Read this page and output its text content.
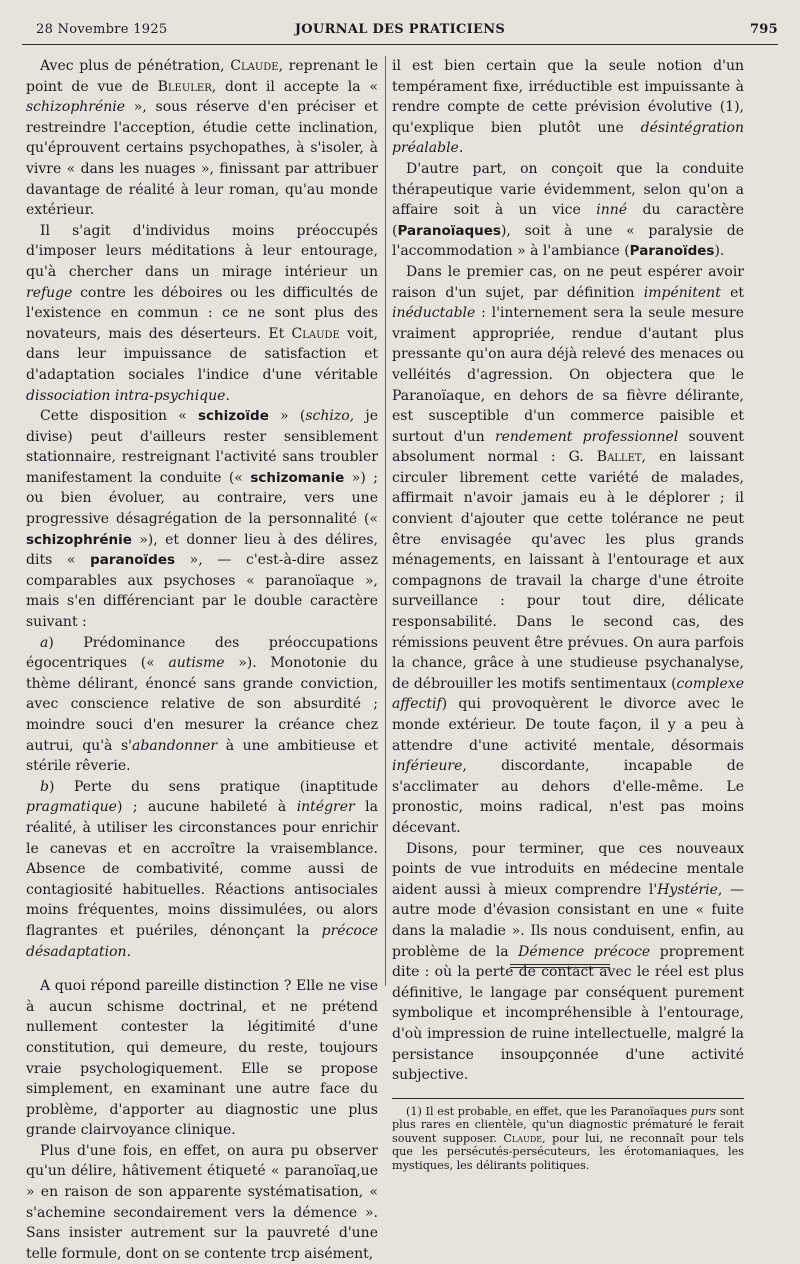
28 Novembre 1925	JOURNAL DES PRATICIENS	795

Avec plus de pénétration, Claude, reprenant le point de vue de Bleuler, dont il accepte la « schizophrénie », sous réserve d'en préciser et restreindre l'acception, étudie cette inclination, qu'éprouvent certains psychopathes, à s'isoler, à vivre « dans les nuages », finissant par attribuer davantage de réalité à leur roman, qu'au monde extérieur.

Il s'agit d'individus moins préoccupés d'imposer leurs méditations à leur entourage, qu'à chercher dans un mirage intérieur un refuge contre les déboires ou les difficultés de l'existence en commun : ce ne sont plus des novateurs, mais des déserteurs. Et Claude voit, dans leur impuissance de satisfaction et d'adaptation sociales l'indice d'une véritable dissociation intra-psychique.

Cette disposition « schizoïde » (schizo, je divise) peut d'ailleurs rester sensiblement stationnaire, restreignant l'activité sans troubler manifestament la conduite (« schizomanie ») ; ou bien évoluer, au contraire, vers une progressive désagrégation de la personnalité (« schizophrénie »), et donner lieu à des délires, dits « paranoïdes », — c'est-à-dire assez comparables aux psychoses « paranoïaque », mais s'en différenciant par le double caractère suivant :

a) Prédominance des préoccupations égocentriques (« autisme »). Monotonie du thème délirant, énoncé sans grande conviction, avec conscience relative de son absurdité ; moindre souci d'en mesurer la créance chez autrui, qu'à s'abandonner à une ambitieuse et stérile rêverie.

b) Perte du sens pratique (inaptitude pragmatique) ; aucune habileté à intégrer la réalité, à utiliser les circonstances pour enrichir le canevas et en accroître la vraisemblance. Absence de combativité, comme aussi de contagiosité habituelles. Réactions antisociales moins fréquentes, moins dissimulées, ou alors flagrantes et puériles, dénonçant la précoce désadaptation.

A quoi répond pareille distinction ? Elle ne vise à aucun schisme doctrinal, et ne prétend nullement contester la légitimité d'une constitution, qui demeure, du reste, toujours vraie psychologiquement. Elle se propose simplement, en examinant une autre face du problème, d'apporter au diagnostic une plus grande clairvoyance clinique.

Plus d'une fois, en effet, on aura pu observer qu'un délire, hâtivement étiqueté « paranoïaq,ue » en raison de son apparente systématisation, « s'achemine secondairement vers la démence ». Sans insister autrement sur la pauvreté d'une telle formule, dont on se contente trcp aisément,

il est bien certain que la seule notion d'un tempérament fixe, irréductible est impuissante à rendre compte de cette prévision évolutive (1), qu'explique bien plutôt une désintégration préalable.

D'autre part, on conçoit que la conduite thérapeutique varie évidemment, selon qu'on a affaire soit à un vice inné du caractère (Paranoïaques), soit à une « paralysie de l'accommodation » à l'ambiance (Paranoïdes).

Dans le premier cas, on ne peut espérer avoir raison d'un sujet, par définition impénitent et inéductable : l'internement sera la seule mesure vraiment appropriée, rendue d'autant plus pressante qu'on aura déjà relevé des menaces ou velléités d'agression. On objectera que le Paranoïaque, en dehors de sa fièvre délirante, est susceptible d'un commerce paisible et surtout d'un rendement professionnel souvent absolument normal : G. Ballet, en laissant circuler librement cette variété de malades, affirmait n'avoir jamais eu à le déplorer ; il convient d'ajouter que cette tolérance ne peut être envisagée qu'avec les plus grands ménagements, en laissant à l'entourage et aux compagnons de travail la charge d'une étroite surveillance : pour tout dire, délicate responsabilité. Dans le second cas, des rémissions peuvent être prévues. On aura parfois la chance, grâce à une studieuse psychanalyse, de débrouiller les motifs sentimentaux (complexe affectif) qui provoquèrent le divorce avec le monde extérieur. De toute façon, il y a peu à attendre d'une activité mentale, désormais inférieure, discordante, incapable de s'acclimater au dehors d'elle-même. Le pronostic, moins radical, n'est pas moins décevant.

Disons, pour terminer, que ces nouveaux points de vue introduits en médecine mentale aident aussi à mieux comprendre l'Hystérie, — autre mode d'évasion consistant en une « fuite dans la maladie ». Ils nous conduisent, enfin, au problème de la Démence précoce proprement dite : où la perte de contact avec le réel est plus définitive, le langage par conséquent purement symbolique et incompréhensible à l'entourage, d'où impression de ruine intellectuelle, malgré la persistance insoupçonnée d'une activité subjective.

(1) Il est probable, en effet, que les Paranoïaques purs sont plus rares en clientèle, qu'un diagnostic prématuré le ferait souvent supposer. Claude, pour lui, ne reconnaît pour tels que les persécutés-persécuteurs, les érotomaniaques, les mystiques, les délirants politiques.
